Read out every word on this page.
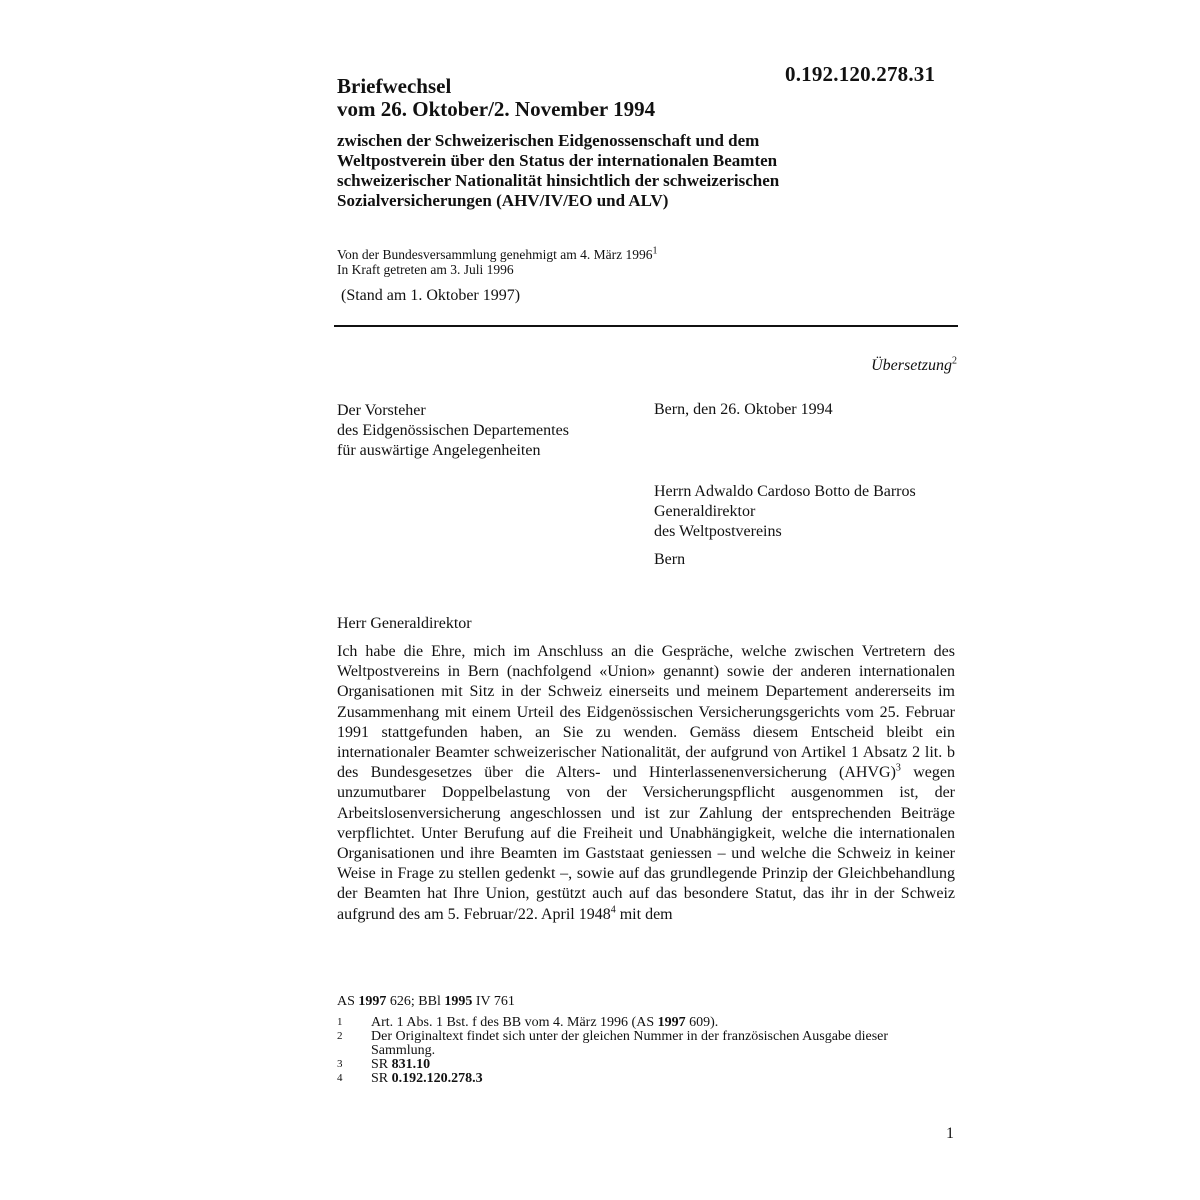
0.192.120.278.31
Briefwechsel
vom 26. Oktober/2. November 1994
zwischen der Schweizerischen Eidgenossenschaft und dem
Weltpostverein über den Status der internationalen Beamten
schweizerischer Nationalität hinsichtlich der schweizerischen
Sozialversicherungen (AHV/IV/EO und ALV)
Von der Bundesversammlung genehmigt am 4. März 1996$^1$
In Kraft getreten am 3. Juli 1996
(Stand am 1. Oktober 1997)
Übersetzung$^2$
Der Vorsteher
des Eidgenössischen Departementes
für auswärtige Angelegenheiten
Bern, den 26. Oktober 1994
Herrn Adwaldo Cardoso Botto de Barros
Generaldirektor
des Weltpostvereins
Bern
Herr Generaldirektor

Ich habe die Ehre, mich im Anschluss an die Gespräche, welche zwischen Vertretern des Weltpostvereins in Bern (nachfolgend «Union» genannt) sowie der anderen internationalen Organisationen mit Sitz in der Schweiz einerseits und meinem Departement andererseits im Zusammenhang mit einem Urteil des Eidgenössischen Versicherungsgerichts vom 25. Februar 1991 stattgefunden haben, an Sie zu wenden. Gemäss diesem Entscheid bleibt ein internationaler Beamter schweizerischer Nationalität, der aufgrund von Artikel 1 Absatz 2 lit. b des Bundesgesetzes über die Alters- und Hinterlassenenversicherung (AHVG)$^3$ wegen unzumutbarer Doppelbelastung von der Versicherungspflicht ausgenommen ist, der Arbeitslosenversicherung angeschlossen und ist zur Zahlung der entsprechenden Beiträge verpflichtet. Unter Berufung auf die Freiheit und Unabhängigkeit, welche die internationalen Organisationen und ihre Beamten im Gaststaat geniessen – und welche die Schweiz in keiner Weise in Frage zu stellen gedenkt –, sowie auf das grundlegende Prinzip der Gleichbehandlung der Beamten hat Ihre Union, gestützt auch auf das besondere Statut, das ihr in der Schweiz aufgrund des am 5. Februar/22. April 1948$^4$ mit dem

AS 1997 626; BBl 1995 IV 761
1	Art. 1 Abs. 1 Bst. f des BB vom 4. März 1996 (AS 1997 609).
2	Der Originaltext findet sich unter der gleichen Nummer in der französischen Ausgabe dieser Sammlung.
3	SR 831.10
4	SR 0.192.120.278.3
1
